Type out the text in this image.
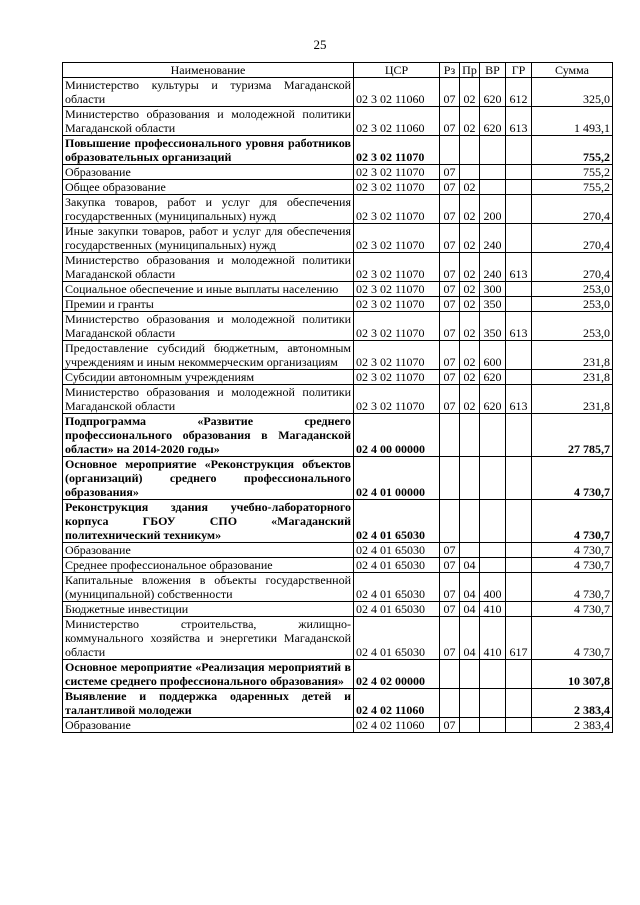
25
Наименование	ЦСР	Рз	Пр	ВР	ГР	Сумма
Министерство культуры и туризма Магаданской области	02 3 02 11060	07	02	620	612	325,0
Министерство образования и молодежной политики Магаданской области	02 3 02 11060	07	02	620	613	1 493,1
Повышение профессионального уровня работников образовательных организаций	02 3 02 11070					755,2
Образование	02 3 02 11070	07				755,2
Общее образование	02 3 02 11070	07	02			755,2
Закупка товаров, работ и услуг для обеспечения государственных (муниципальных) нужд	02 3 02 11070	07	02	200		270,4
Иные закупки товаров, работ и услуг для обеспечения государственных (муниципальных) нужд	02 3 02 11070	07	02	240		270,4
Министерство образования и молодежной политики Магаданской области	02 3 02 11070	07	02	240	613	270,4
Социальное обеспечение и иные выплаты населению	02 3 02 11070	07	02	300		253,0
Премии и гранты	02 3 02 11070	07	02	350		253,0
Министерство образования и молодежной политики Магаданской области	02 3 02 11070	07	02	350	613	253,0
Предоставление субсидий бюджетным, автономным учреждениям и иным некоммерческим организациям	02 3 02 11070	07	02	600		231,8
Субсидии автономным учреждениям	02 3 02 11070	07	02	620		231,8
Министерство образования и молодежной политики Магаданской области	02 3 02 11070	07	02	620	613	231,8
Подпрограмма «Развитие среднего профессионального образования в Магаданской области» на 2014-2020 годы»	02 4 00 00000					27 785,7
Основное мероприятие «Реконструкция объектов (организаций) среднего профессионального образования»	02 4 01 00000					4 730,7
Реконструкция здания учебно-лабораторного корпуса ГБОУ СПО «Магаданский политехнический техникум»	02 4 01 65030					4 730,7
Образование	02 4 01 65030	07				4 730,7
Среднее профессиональное образование	02 4 01 65030	07	04			4 730,7
Капитальные вложения в объекты государственной (муниципальной) собственности	02 4 01 65030	07	04	400		4 730,7
Бюджетные инвестиции	02 4 01 65030	07	04	410		4 730,7
Министерство строительства, жилищно-коммунального хозяйства и энергетики Магаданской области	02 4 01 65030	07	04	410	617	4 730,7
Основное мероприятие «Реализация мероприятий в системе среднего профессионального образования»	02 4 02 00000					10 307,8
Выявление и поддержка одаренных детей и талантливой молодежи	02 4 02 11060					2 383,4
Образование	02 4 02 11060	07				2 383,4
